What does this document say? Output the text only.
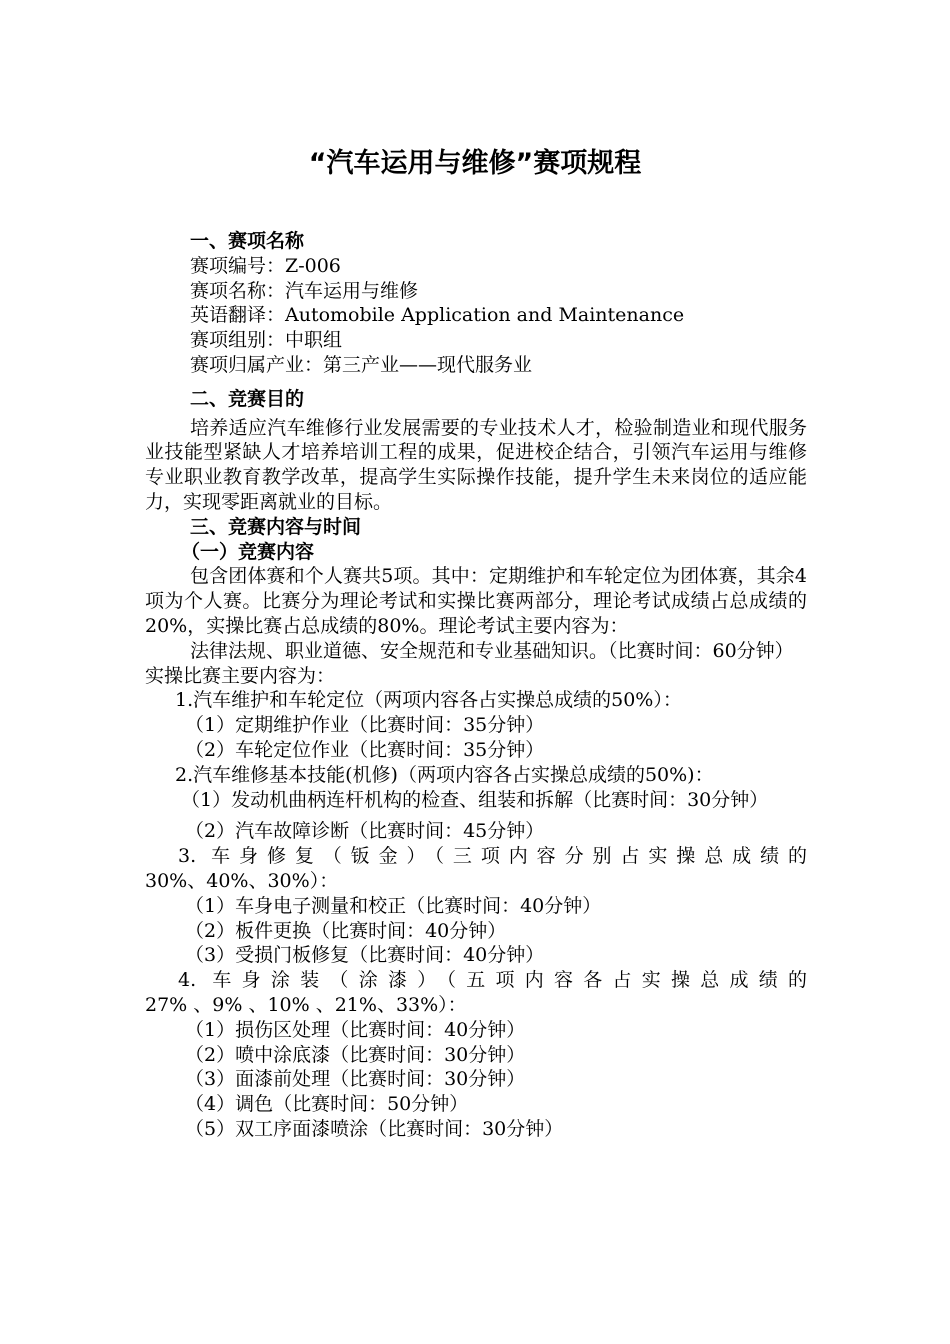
“汽车运用与维修”赛项规程

一、赛项名称

赛项编号：Z-006

赛项名称：汽车运用与维修

英语翻译：Automobile Application and Maintenance

赛项组别：中职组

赛项归属产业：第三产业——现代服务业

二、竞赛目的

培养适应汽车维修行业发展需要的专业技术人才，检验制造业和现代服务业技能型紧缺人才培养培训工程的成果，促进校企结合，引领汽车运用与维修专业职业教育教学改革，提高学生实际操作技能，提升学生未来岗位的适应能力，实现零距离就业的目标。

三、竞赛内容与时间

（一）竞赛内容

包含团体赛和个人赛共5项。其中：定期维护和车轮定位为团体赛，其余4项为个人赛。比赛分为理论考试和实操比赛两部分，理论考试成绩占总成绩的20%，实操比赛占总成绩的80%。理论考试主要内容为：

法律法规、职业道德、安全规范和专业基础知识。（比赛时间：60分钟）

实操比赛主要内容为：

1.汽车维护和车轮定位（两项内容各占实操总成绩的50%）：

（1）定期维护作业（比赛时间：35分钟）

（2）车轮定位作业（比赛时间：35分钟）

2.汽车维修基本技能(机修)（两项内容各占实操总成绩的50%)：

（1）发动机曲柄连杆机构的检查、组装和拆解（比赛时间：30分钟）

（2）汽车故障诊断（比赛时间：45分钟）

3. 车身修复（钣金）（三项内容分别占实操总成绩的

30%、40%、30%）：

（1）车身电子测量和校正（比赛时间：40分钟）

（2）板件更换（比赛时间：40分钟）

（3）受损门板修复（比赛时间：40分钟）

4. 车身涂装（涂漆）（五项内容各占实操总成绩的

27% 、9% 、10% 、21%、33%）：

（1）损伤区处理（比赛时间：40分钟）

（2）喷中涂底漆（比赛时间：30分钟）

（3）面漆前处理（比赛时间：30分钟）

（4）调色（比赛时间：50分钟）

（5）双工序面漆喷涂（比赛时间：30分钟）
